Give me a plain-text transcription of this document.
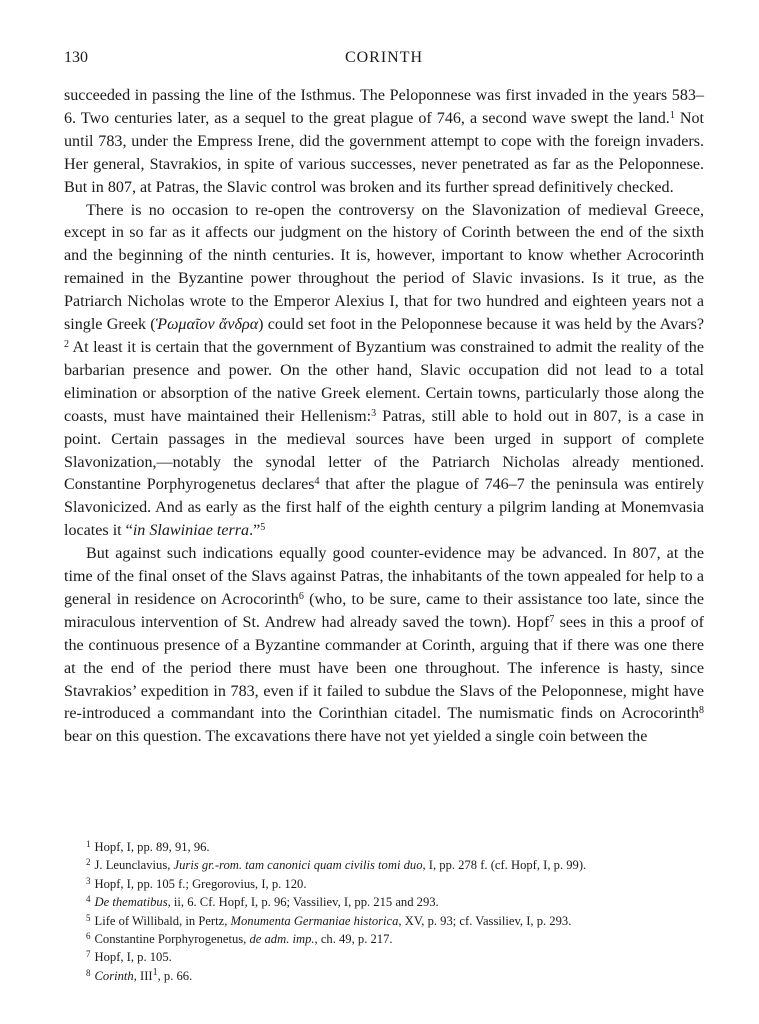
130	CORINTH

succeeded in passing the line of the Isthmus. The Peloponnese was first invaded in the years 583–6. Two centuries later, as a sequel to the great plague of 746, a second wave swept the land.$^1$ Not until 783, under the Empress Irene, did the government attempt to cope with the foreign invaders. Her general, Stavrakios, in spite of various successes, never penetrated as far as the Peloponnese. But in 807, at Patras, the Slavic control was broken and its further spread definitively checked.

There is no occasion to re-open the controversy on the Slavonization of medieval Greece, except in so far as it affects our judgment on the history of Corinth between the end of the sixth and the beginning of the ninth centuries. It is, however, important to know whether Acrocorinth remained in the Byzantine power throughout the period of Slavic invasions. Is it true, as the Patriarch Nicholas wrote to the Emperor Alexius I, that for two hundred and eighteen years not a single Greek (Ῥωμαῖον ἄνδρα) could set foot in the Peloponnese because it was held by the Avars?$^2$ At least it is certain that the government of Byzantium was constrained to admit the reality of the barbarian presence and power. On the other hand, Slavic occupation did not lead to a total elimination or absorption of the native Greek element. Certain towns, particularly those along the coasts, must have maintained their Hellenism:$^3$ Patras, still able to hold out in 807, is a case in point. Certain passages in the medieval sources have been urged in support of complete Slavonization,—notably the synodal letter of the Patriarch Nicholas already mentioned. Constantine Porphyrogenetus declares$^4$ that after the plague of 746–7 the peninsula was entirely Slavonicized. And as early as the first half of the eighth century a pilgrim landing at Monemvasia locates it “in Slawiniae terra.”$^5$

But against such indications equally good counter-evidence may be advanced. In 807, at the time of the final onset of the Slavs against Patras, the inhabitants of the town appealed for help to a general in residence on Acrocorinth$^6$ (who, to be sure, came to their assistance too late, since the miraculous intervention of St. Andrew had already saved the town). Hopf$^7$ sees in this a proof of the continuous presence of a Byzantine commander at Corinth, arguing that if there was one there at the end of the period there must have been one throughout. The inference is hasty, since Stavrakios’ expedition in 783, even if it failed to subdue the Slavs of the Peloponnese, might have re-introduced a commandant into the Corinthian citadel. The numismatic finds on Acrocorinth$^8$ bear on this question. The excavations there have not yet yielded a single coin between the

$^1$ Hopf, I, pp. 89, 91, 96.
$^2$ J. Leunclavius, Juris gr.-rom. tam canonici quam civilis tomi duo, I, pp. 278 f. (cf. Hopf, I, p. 99).
$^3$ Hopf, I, pp. 105 f.; Gregorovius, I, p. 120.
$^4$ De thematibus, ii, 6. Cf. Hopf, I, p. 96; Vassiliev, I, pp. 215 and 293.
$^5$ Life of Willibald, in Pertz, Monumenta Germaniae historica, XV, p. 93; cf. Vassiliev, I, p. 293.
$^6$ Constantine Porphyrogenetus, de adm. imp., ch. 49, p. 217.
$^7$ Hopf, I, p. 105.
$^8$ Corinth, III$^1$, p. 66.
